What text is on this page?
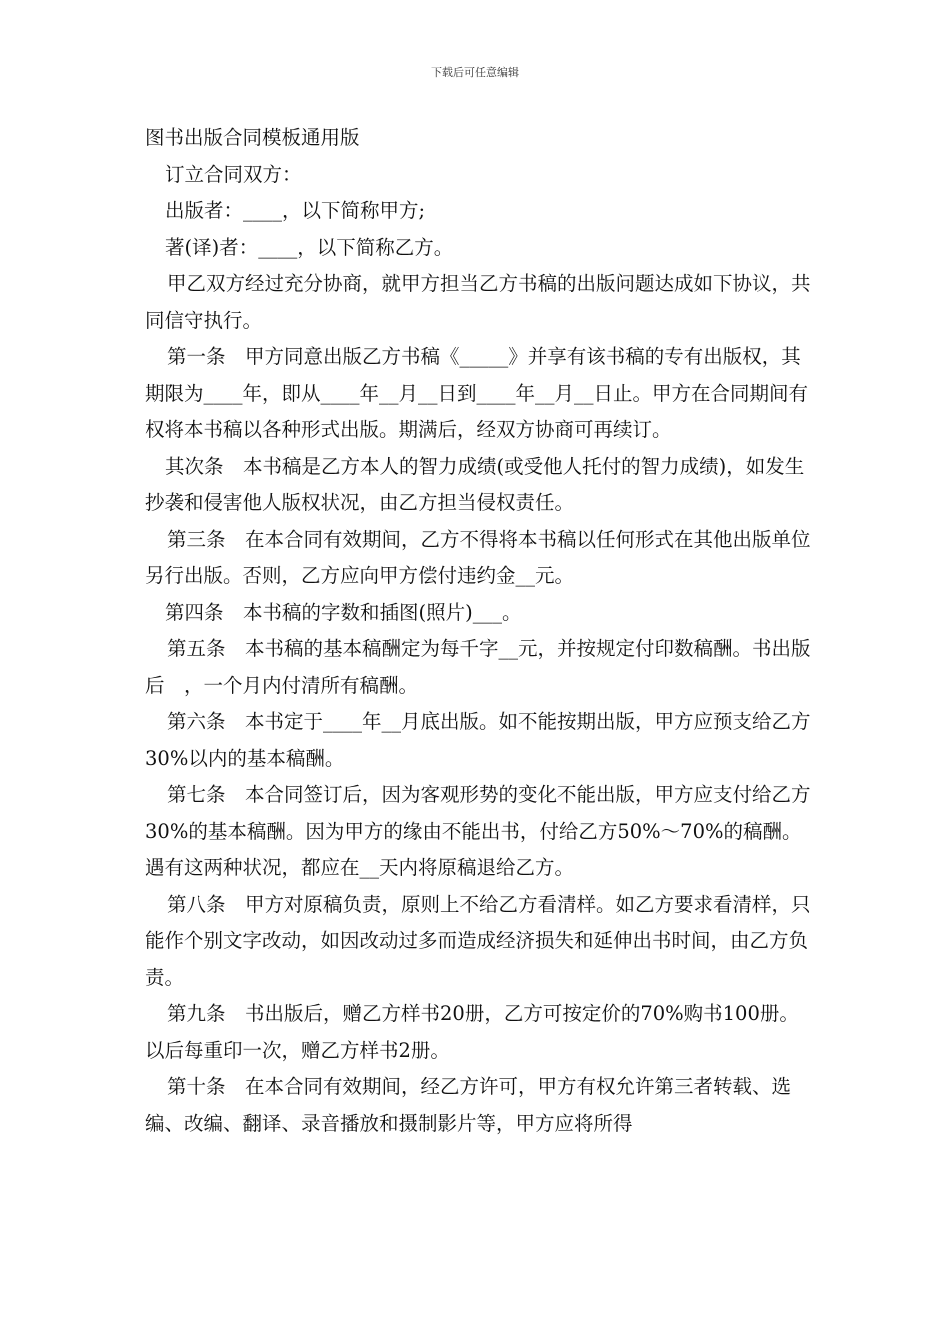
下载后可任意编辑

图书出版合同模板通用版

订立合同双方：

出版者：____，以下简称甲方;

著(译)者：____，以下简称乙方。

甲乙双方经过充分协商，就甲方担当乙方书稿的出版问题达成如下协议，共同信守执行。

第一条　甲方同意出版乙方书稿《_____》并享有该书稿的专有出版权，其期限为____年，即从____年__月__日到____年__月__日止。甲方在合同期间有权将本书稿以各种形式出版。期满后，经双方协商可再续订。

其次条　本书稿是乙方本人的智力成绩(或受他人托付的智力成绩)，如发生抄袭和侵害他人版权状况，由乙方担当侵权责任。

第三条　在本合同有效期间，乙方不得将本书稿以任何形式在其他出版单位另行出版。否则，乙方应向甲方偿付违约金__元。

第四条　本书稿的字数和插图(照片)___。

第五条　本书稿的基本稿酬定为每千字__元，并按规定付印数稿酬。书出版后　，一个月内付清所有稿酬。

第六条　本书定于____年__月底出版。如不能按期出版，甲方应预支给乙方30%以内的基本稿酬。

第七条　本合同签订后，因为客观形势的变化不能出版，甲方应支付给乙方30%的基本稿酬。因为甲方的缘由不能出书，付给乙方50%～70%的稿酬。遇有这两种状况，都应在__天内将原稿退给乙方。

第八条　甲方对原稿负责，原则上不给乙方看清样。如乙方要求看清样，只能作个别文字改动，如因改动过多而造成经济损失和延伸出书时间，由乙方负责。

第九条　书出版后，赠乙方样书20册，乙方可按定价的70%购书100册。以后每重印一次，赠乙方样书2册。

第十条　在本合同有效期间，经乙方许可，甲方有权允许第三者转载、选编、改编、翻译、录音播放和摄制影片等，甲方应将所得
